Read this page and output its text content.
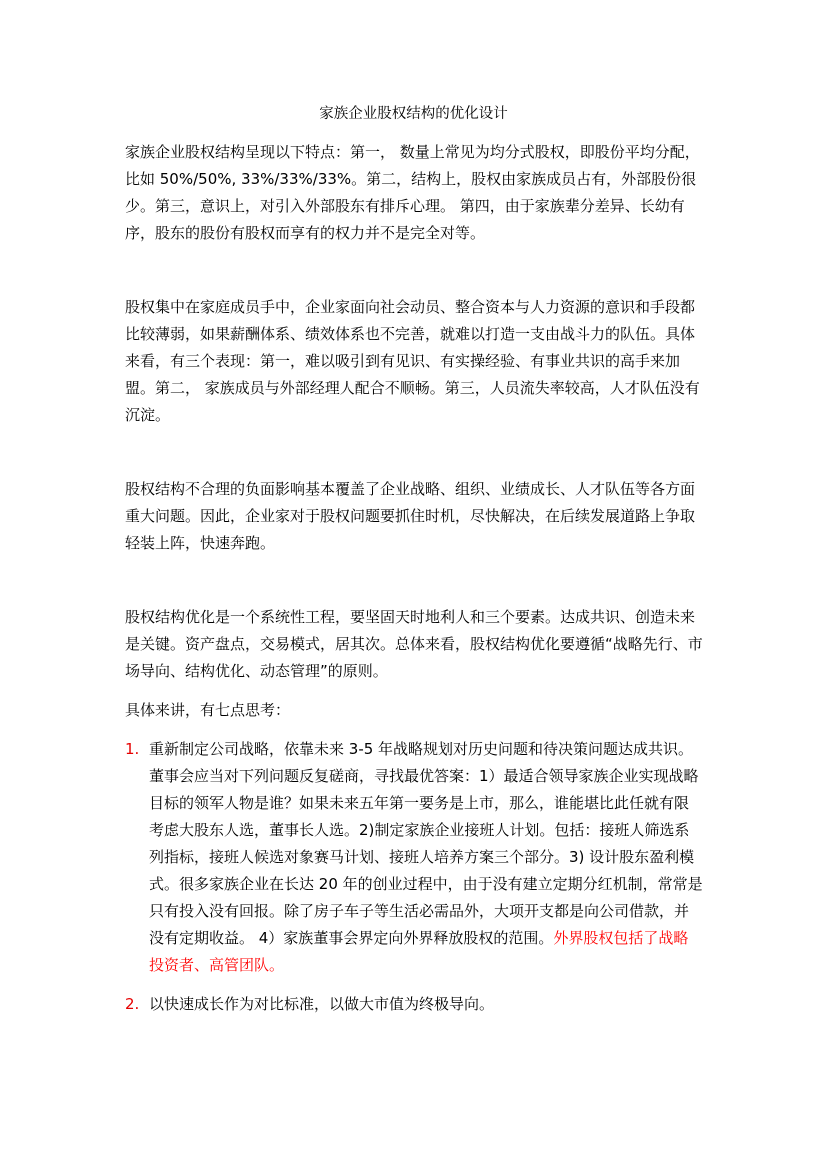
家族企业股权结构的优化设计

家族企业股权结构呈现以下特点：第一， 数量上常见为均分式股权，即股份平均分配，比如 50%/50%, 33%/33%/33%。第二，结构上，股权由家族成员占有，外部股份很少。第三，意识上，对引入外部股东有排斥心理。 第四，由于家族辈分差异、长幼有序，股东的股份有股权而享有的权力并不是完全对等。

股权集中在家庭成员手中，企业家面向社会动员、整合资本与人力资源的意识和手段都比较薄弱，如果薪酬体系、绩效体系也不完善，就难以打造一支由战斗力的队伍。具体来看，有三个表现：第一，难以吸引到有见识、有实操经验、有事业共识的高手来加盟。第二， 家族成员与外部经理人配合不顺畅。第三，人员流失率较高，人才队伍没有沉淀。

股权结构不合理的负面影响基本覆盖了企业战略、组织、业绩成长、人才队伍等各方面重大问题。因此，企业家对于股权问题要抓住时机，尽快解决，在后续发展道路上争取轻装上阵，快速奔跑。

股权结构优化是一个系统性工程，要坚固天时地利人和三个要素。达成共识、创造未来是关键。资产盘点，交易模式，居其次。总体来看，股权结构优化要遵循“战略先行、市场导向、结构优化、动态管理”的原则。

具体来讲，有七点思考：

1. 重新制定公司战略，依靠未来 3-5 年战略规划对历史问题和待决策问题达成共识。董事会应当对下列问题反复磋商，寻找最优答案：1）最适合领导家族企业实现战略目标的领军人物是谁？如果未来五年第一要务是上市，那么，谁能堪比此任就有限考虑大股东人选，董事长人选。2)制定家族企业接班人计划。包括：接班人筛选系列指标，接班人候选对象赛马计划、接班人培养方案三个部分。3) 设计股东盈利模式。很多家族企业在长达 20 年的创业过程中，由于没有建立定期分红机制，常常是只有投入没有回报。除了房子车子等生活必需品外，大项开支都是向公司借款，并没有定期收益。 4）家族董事会界定向外界释放股权的范围。外界股权包括了战略投资者、高管团队。
2. 以快速成长作为对比标准，以做大市值为终极导向。
